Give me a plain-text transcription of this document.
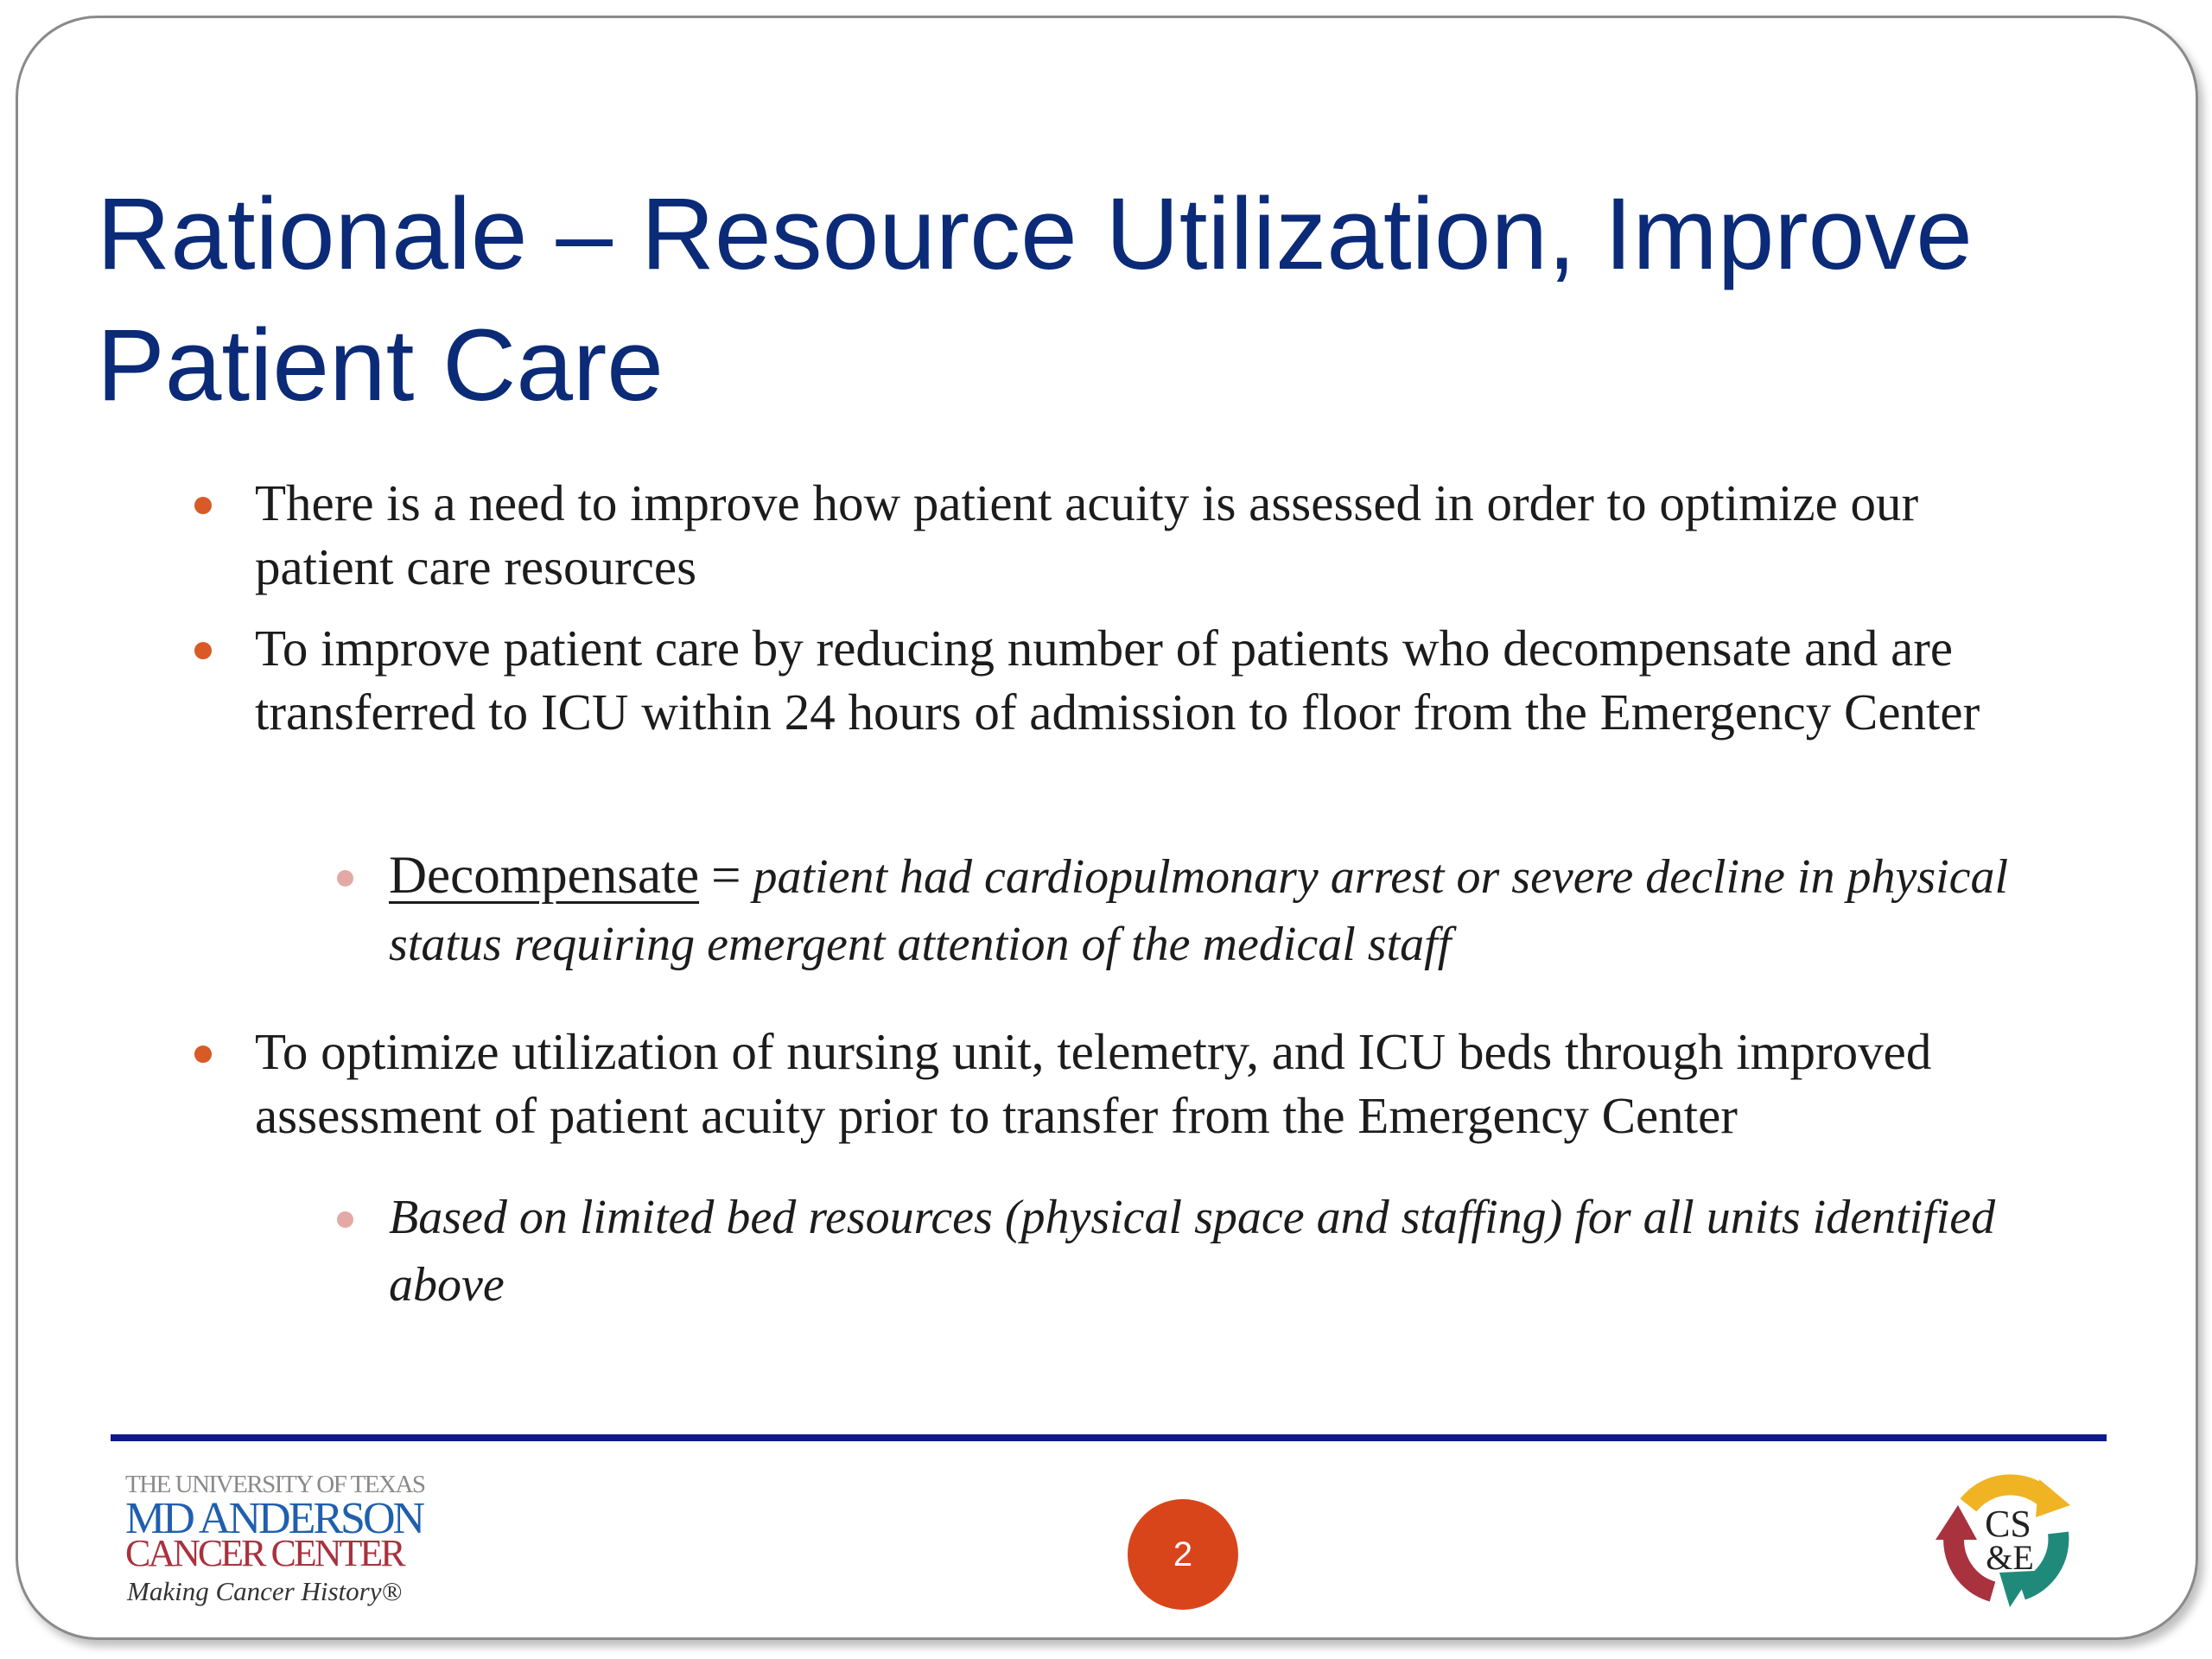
Rationale – Resource Utilization, Improve Patient Care
There is a need to improve how patient acuity is assessed in order to optimize our patient care resources
To improve patient care by reducing number of patients who decompensate and are transferred to ICU within 24 hours of admission to floor from the Emergency Center
Decompensate = patient had cardiopulmonary arrest or severe decline in physical status requiring emergent attention of the medical staff
To optimize utilization of nursing unit, telemetry, and ICU beds through improved assessment of patient acuity prior to transfer from the Emergency Center
Based on limited bed resources (physical space and staffing) for all units identified above
THE UNIVERSITY OF TEXAS
MD ANDERSON
CANCER CENTER
Making Cancer History®
2
CS
&E
